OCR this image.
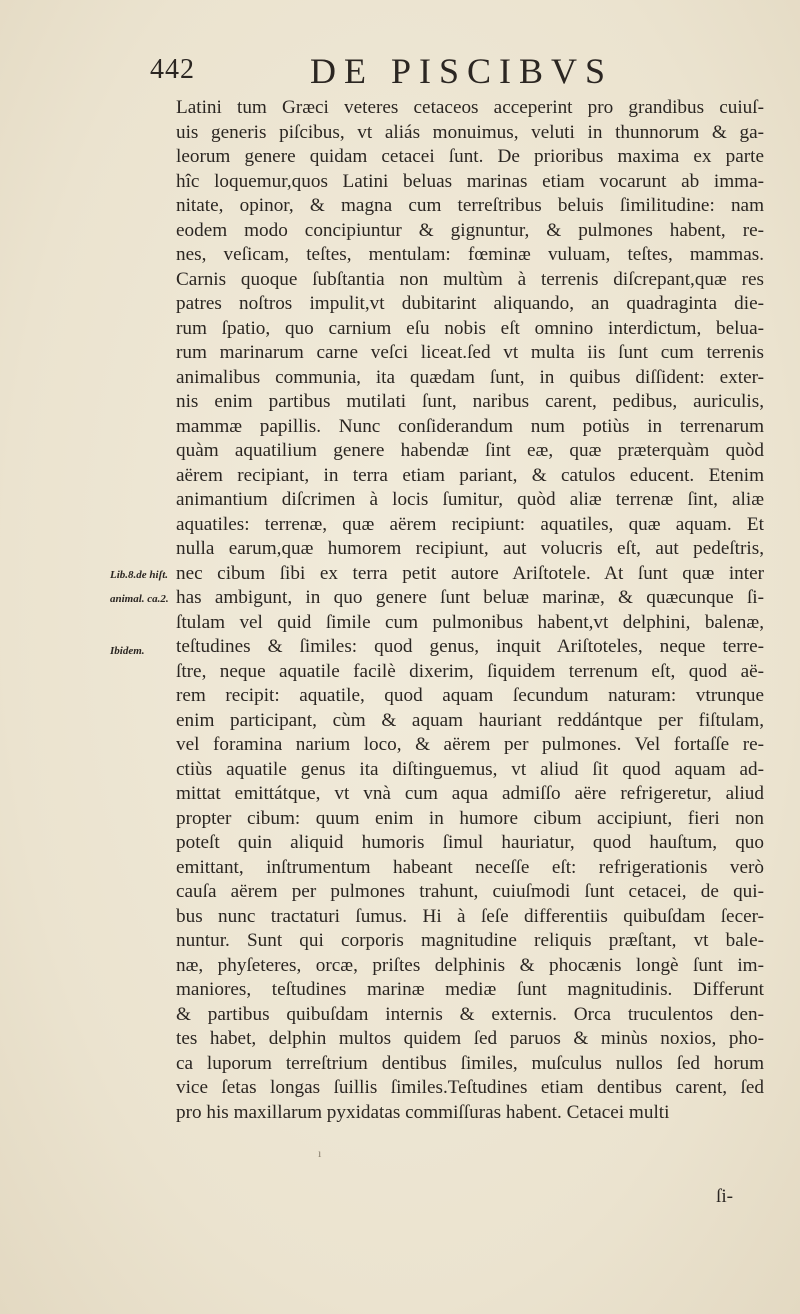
442	DE PISCIBVS
Lib.8.de hiſt.
animal. ca.2.
Ibidem.
Latini tum Græci veteres cetaceos acceperint pro grandibus cuiuſ-
uis generis piſcibus, vt aliás monuimus, veluti in thunnorum & ga-
leorum genere quidam cetacei ſunt. De prioribus maxima ex parte
hîc loquemur,quos Latini beluas marinas etiam vocarunt ab imma-
nitate, opinor, & magna cum terreſtribus beluis ſimilitudine: nam
eodem modo concipiuntur & gignuntur, & pulmones habent, re-
nes, veſicam, teſtes, mentulam: fœminæ vuluam, teſtes, mammas.
Carnis quoque ſubſtantia non multùm à terrenis diſcrepant,quæ res
patres noſtros impulit,vt dubitarint aliquando, an quadraginta die-
rum ſpatio, quo carnium eſu nobis eſt omnino interdictum, belua-
rum marinarum carne veſci liceat.ſed vt multa iis ſunt cum terrenis
animalibus communia, ita quædam ſunt, in quibus diſſident: exter-
nis enim partibus mutilati ſunt, naribus carent, pedibus, auriculis,
mammæ papillis. Nunc conſiderandum num potiùs in terrenarum
quàm aquatilium genere habendæ ſint eæ, quæ præterquàm quòd
aërem recipiant, in terra etiam pariant, & catulos educent. Etenim
animantium diſcrimen à locis ſumitur, quòd aliæ terrenæ ſint, aliæ
aquatiles: terrenæ, quæ aërem recipiunt: aquatiles, quæ aquam. Et
nulla earum,quæ humorem recipiunt, aut volucris eſt, aut pedeſtris,
nec cibum ſibi ex terra petit autore Ariſtotele. At ſunt quæ inter
has ambigunt, in quo genere ſunt beluæ marinæ, & quæcunque ſi-
ſtulam vel quid ſimile cum pulmonibus habent,vt delphini, balenæ,
teſtudines & ſimiles: quod genus, inquit Ariſtoteles, neque terre-
ſtre, neque aquatile facilè dixerim, ſiquidem terrenum eſt, quod aë-
rem recipit: aquatile, quod aquam ſecundum naturam: vtrunque
enim participant, cùm & aquam hauriant reddántque per fiſtulam,
vel foramina narium loco, & aërem per pulmones. Vel fortaſſe re-
ctiùs aquatile genus ita diſtinguemus, vt aliud ſit quod aquam ad-
mittat emittátque, vt vnà cum aqua admiſſo aëre refrigeretur, aliud
propter cibum: quum enim in humore cibum accipiunt, fieri non
poteſt quin aliquid humoris ſimul hauriatur, quod hauſtum, quo
emittant, inſtrumentum habeant neceſſe eſt: refrigerationis verò
cauſa aërem per pulmones trahunt, cuiuſmodi ſunt cetacei, de qui-
bus nunc tractaturi ſumus. Hi à ſeſe differentiis quibuſdam ſecer-
nuntur. Sunt qui corporis magnitudine reliquis præſtant, vt bale-
næ, phyſeteres, orcæ, priſtes delphinis & phocænis longè ſunt im-
maniores, teſtudines marinæ mediæ ſunt magnitudinis. Differunt
& partibus quibuſdam internis & externis. Orca truculentos den-
tes habet, delphin multos quidem ſed paruos & minùs noxios, pho-
ca luporum terreſtrium dentibus ſimiles, muſculus nullos ſed horum
vice ſetas longas ſuillis ſimiles.Teſtudines etiam dentibus carent, ſed
pro his maxillarum pyxidatas commiſſuras habent. Cetacei multi
ſi-
ı
